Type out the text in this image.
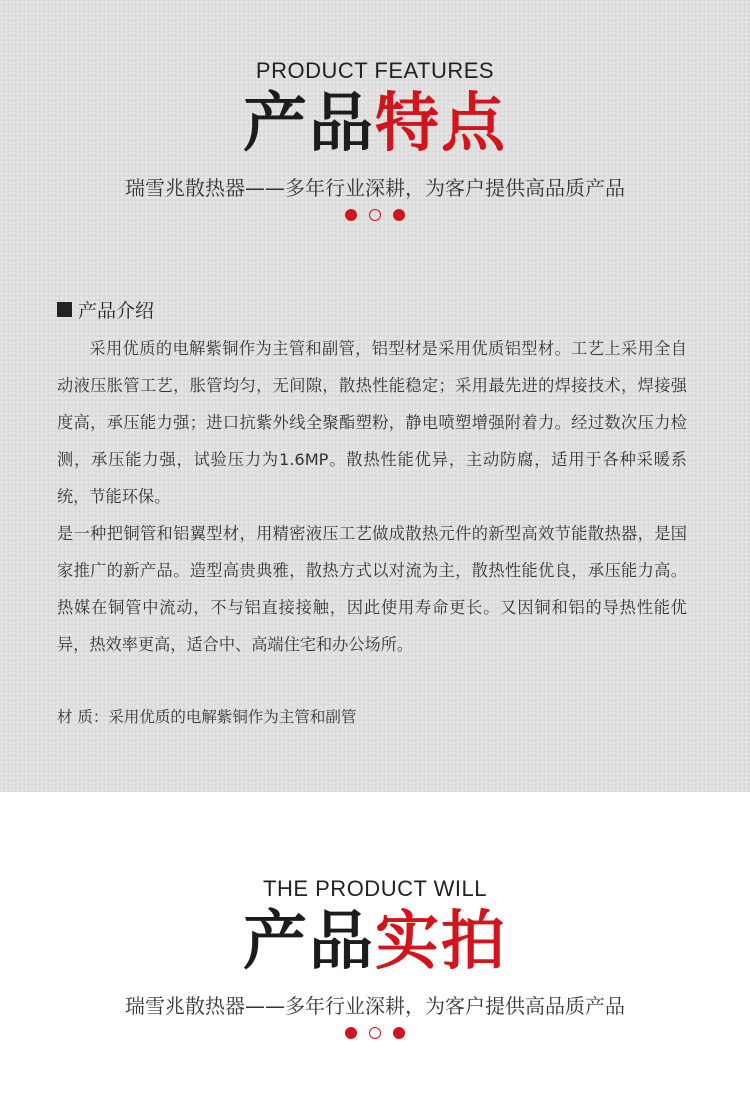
PRODUCT FEATURES
产品特点
瑞雪兆散热器——多年行业深耕，为客户提供高品质产品
产品介绍

采用优质的电解紫铜作为主管和副管，铝型材是采用优质铝型材。工艺上采用全自动液压胀管工艺，胀管均匀，无间隙，散热性能稳定；采用最先进的焊接技术，焊接强度高，承压能力强；进口抗紫外线全聚酯塑粉，静电喷塑增强附着力。经过数次压力检测，承压能力强，试验压力为1.6MP。散热性能优异，主动防腐，适用于各种采暖系统，节能环保。

是一种把铜管和铝翼型材，用精密液压工艺做成散热元件的新型高效节能散热器，是国家推广的新产品。造型高贵典雅，散热方式以对流为主，散热性能优良，承压能力高。热媒在铜管中流动，不与铝直接接触，因此使用寿命更长。又因铜和铝的导热性能优异，热效率更高，适合中、高端住宅和办公场所。

材 质：采用优质的电解紫铜作为主管和副管
THE PRODUCT WILL
产品实拍
瑞雪兆散热器——多年行业深耕，为客户提供高品质产品
